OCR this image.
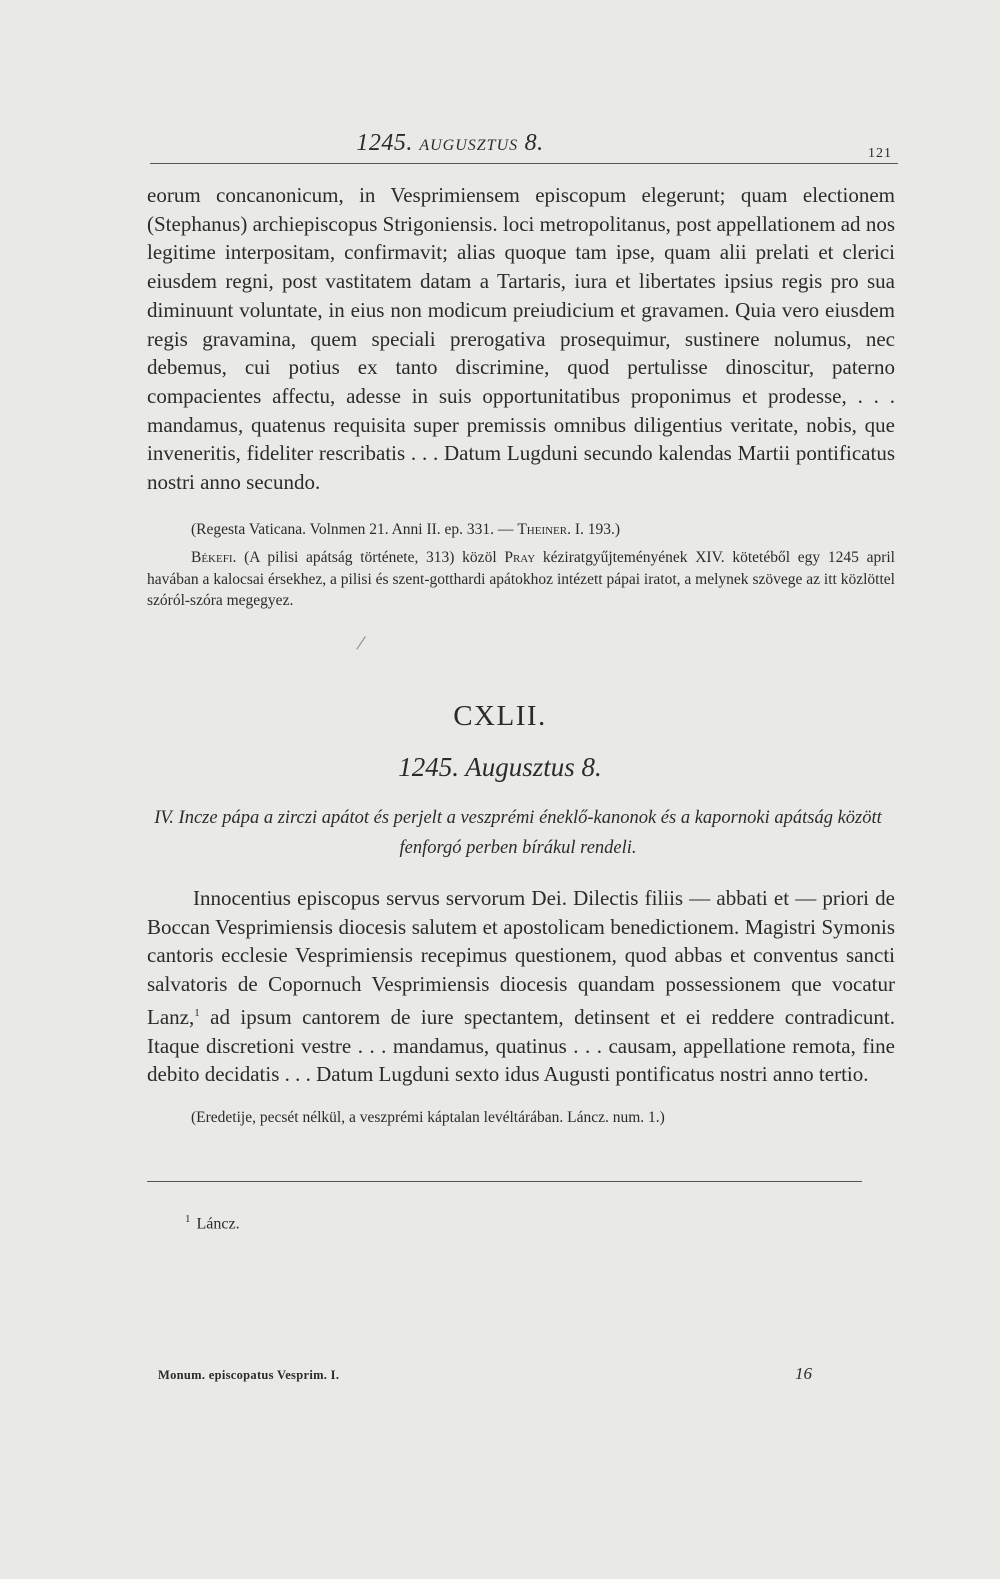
1245. AUGUSZTUS 8.	121

eorum concanonicum, in Vesprimiensem episcopum elegerunt; quam electionem (Stephanus) archiepiscopus Strigoniensis. loci metropolitanus, post appellationem ad nos legitime interpositam, confirmavit; alias quoque tam ipse, quam alii prelati et clerici eiusdem regni, post vastitatem datam a Tartaris, iura et libertates ipsius regis pro sua diminuunt voluntate, in eius non modicum preiudicium et gravamen. Quia vero eiusdem regis gravamina, quem speciali prerogativa prosequimur, sustinere nolumus, nec debemus, cui potius ex tanto discrimine, quod pertulisse dinoscitur, paterno compacientes affectu, adesse in suis opportunitatibus proponimus et prodesse, . . . mandamus, quatenus requisita super premissis omnibus diligentius veritate, nobis, que inveneritis, fideliter rescribatis . . . Datum Lugduni secundo kalendas Martii pontificatus nostri anno secundo.

(Regesta Vaticana. Volnmen 21. Anni II. ep. 331. — Theiner. I. 193.)

Békefi. (A pilisi apátság története, 313) közöl Pray kéziratgyűjteményének XIV. kötetéből egy 1245 april havában a kalocsai érsekhez, a pilisi és szent-gotthardi apátokhoz intézett pápai iratot, a melynek szövege az itt közlöttel szóról-szóra megegyez.

/
CXLII.
1245. Augusztus 8.
IV. Incze pápa a zirczi apátot és perjelt a veszprémi éneklő-kanonok és a kapornoki apátság között fenforgó perben bírákul rendeli.

Innocentius episcopus servus servorum Dei. Dilectis filiis — abbati et — priori de Boccan Vesprimiensis diocesis salutem et apostolicam benedictionem. Magistri Symonis cantoris ecclesie Vesprimiensis recepimus questionem, quod abbas et conventus sancti salvatoris de Copornuch Vesprimiensis diocesis quandam possessionem que vocatur Lanz,$^1$ ad ipsum cantorem de iure spectantem, detinsent et ei reddere contradicunt. Itaque discretioni vestre . . . mandamus, quatinus . . . causam, appellatione remota, fine debito decidatis . . . Datum Lugduni sexto idus Augusti pontificatus nostri anno tertio.

(Eredetije, pecsét nélkül, a veszprémi káptalan levéltárában. Láncz. num. 1.)

$^1$ Láncz.
Monum. episcopatus Vesprim. I.	16
